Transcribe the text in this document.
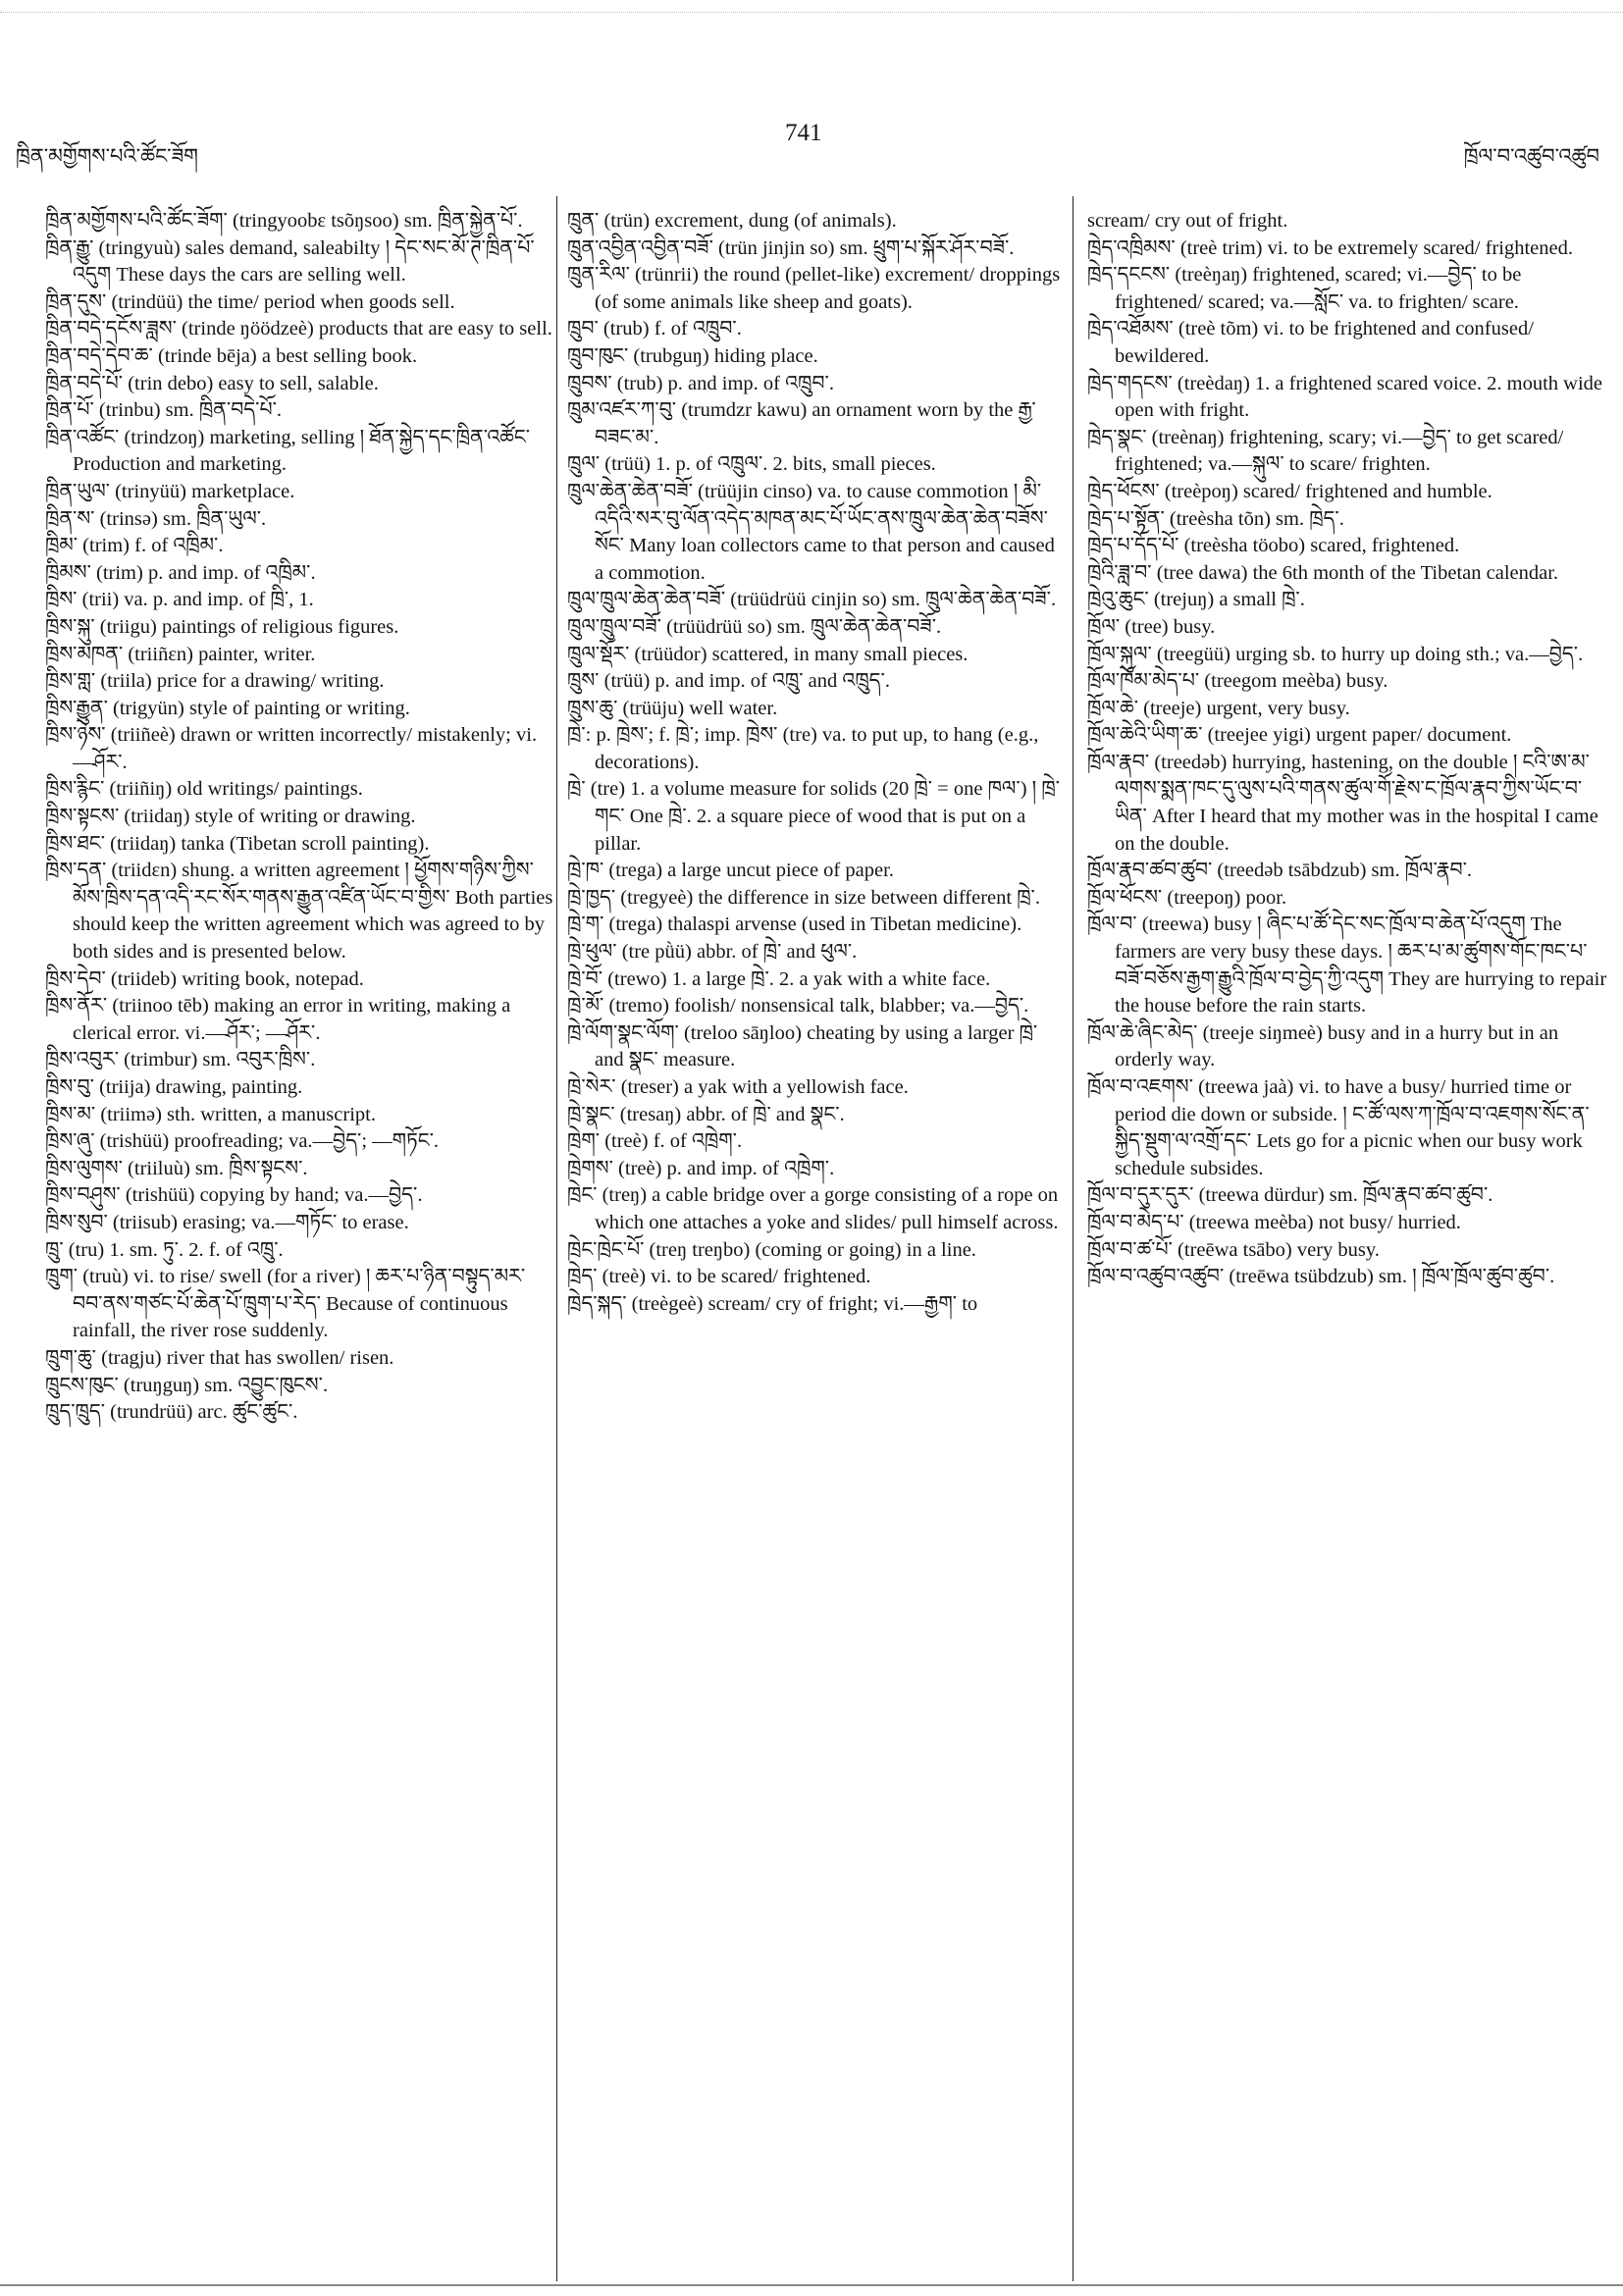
ཁྲིན་མགྱོགས་པའི་ཚོང་ཟོག
741
ཁྲོལ་བ་འཚུབ་འཚུབ

ཁྲིན་མགྱོགས་པའི་ཚོང་ཟོག་ (tringyoobɛ tsõŋsoo) sm. ཁྲིན་སྐྱེན་པོ་.

ཁྲིན་རྒྱུ་ (tringyuù) sales demand, saleabilty ། དེང་སང་མོ་ཊ་ཁྲིན་པོ་འདུག These days the cars are selling well.

ཁྲིན་དུས་ (trindüü) the time/ period when goods sell.

ཁྲིན་བདེ་དངོས་ཟླས་ (trinde ŋöödzeè) products that are easy to sell.

ཁྲིན་བདེ་དེབ་ཆ་ (trinde bēja) a best selling book.

ཁྲིན་བདེ་པོ་ (trin debo) easy to sell, salable.

ཁྲིན་པོ་ (trinbu) sm. ཁྲིན་བདེ་པོ་.

ཁྲིན་འཚོང་ (trindzoŋ) marketing, selling ། ཐོན་སྐྱེད་དང་ཁྲིན་འཚོང་ Production and marketing.

ཁྲིན་ཡུལ་ (trinyüü) marketplace.

ཁྲིན་ས་ (trinsə) sm. ཁྲིན་ཡུལ་.

ཁྲིམ་ (trim) f. of འཁྲིམ་.

ཁྲིམས་ (trim) p. and imp. of འཁྲིམ་.

ཁྲིས་ (trii) va. p. and imp. of ཁྲི་, 1.

ཁྲིས་སྐུ་ (triigu) paintings of religious figures.

ཁྲིས་མཁན་ (triiñɛn) painter, writer.

ཁྲིས་གླ་ (triila) price for a drawing/ writing.

ཁྲིས་རྒྱུན་ (trigyün) style of painting or writing.

ཁྲིས་ཉེས་ (triiñeè) drawn or written incorrectly/ mistakenly; vi.—ཤོར་.

ཁྲིས་རྙིང་ (triiñiŋ) old writings/ paintings.

ཁྲིས་སྟངས་ (triidaŋ) style of writing or drawing.

ཁྲིས་ཐང་ (triidaŋ) tanka (Tibetan scroll painting).

ཁྲིས་དན་ (triidɛn) shung. a written agreement ། ཕྱོགས་གཉིས་ཀྱིས་མོས་ཁྲིས་དན་འདི་རང་སོར་གནས་རྒྱུན་འཛིན་ཡོང་བ་གྱིས་ Both parties should keep the written agreement which was agreed to by both sides and is presented below.

ཁྲིས་དེབ་ (triideb) writing book, notepad.

ཁྲིས་ནོར་ (triinoo tēb) making an error in writing, making a clerical error. vi.—ཤོར་; —ཤོར་.

ཁྲིས་འབུར་ (trimbur) sm. འབུར་ཁྲིས་.

ཁྲིས་བུ་ (triija) drawing, painting.

ཁྲིས་མ་ (triimə) sth. written, a manuscript.

ཁྲིས་ཞུ་ (trishüü) proofreading; va.—བྱེད་; —གཏོང་.

ཁྲིས་ལུགས་ (triiluù) sm. ཁྲིས་སྟངས་.

ཁྲིས་བཤུས་ (trishüü) copying by hand; va.—བྱེད་.

ཁྲིས་སུབ་ (triisub) erasing; va.—གཏོང་ to erase.

ཁྲུ་ (tru) 1. sm. ཏུ་. 2. f. of འཁྲུ་.

ཁྲུག་ (truù) vi. to rise/ swell (for a river) ། ཆར་པ་ཉིན་བསྟུད་མར་བབ་ནས་གཙང་པོ་ཆེན་པོ་ཁྲུག་པ་རེད་ Because of continuous rainfall, the river rose suddenly.

ཁྲུག་ཆུ་ (tragju) river that has swollen/ risen.

ཁྲུངས་ཁུང་ (truŋguŋ) sm. འབྱུང་ཁུངས་.

ཁྲུད་ཁྲུད་ (trundrüü) arc. ཚུང་ཚུང་.

ཁྲུན་ (trün) excrement, dung (of animals).

ཁྲུན་འབྱིན་འབྱིན་བཟོ་ (trün jinjin so) sm. ཕྲུག་པ་སྐོར་ཤོར་བཟོ་.

ཁྲུན་རིལ་ (trünrii) the round (pellet-like) excrement/ droppings (of some animals like sheep and goats).

ཁྲུབ་ (trub) f. of འཁྲུབ་.

ཁྲུབ་ཁུང་ (trubguŋ) hiding place.

ཁྲུབས་ (trub) p. and imp. of འཁྲུབ་.

ཁྲུམ་འཛར་ཀ་བུ་ (trumdzr kawu) an ornament worn by the རྒྱ་བཟང་མ་.

ཁྲུལ་ (trüü) 1. p. of འཁྲུལ་. 2. bits, small pieces.

ཁྲུལ་ཆེན་ཆེན་བཟོ་ (trüüjin cinso) va. to cause commotion ། མི་འདིའི་སར་བུ་ལོན་འདེད་མཁན་མང་པོ་ཡོང་ནས་ཁྲུལ་ཆེན་ཆེན་བཟོས་སོང་ Many loan collectors came to that person and caused a commotion.

ཁྲུལ་ཁྲུལ་ཆེན་ཆེན་བཟོ་ (trüüdrüü cinjin so) sm. ཁྲུལ་ཆེན་ཆེན་བཟོ་.

ཁྲུལ་ཁྲུལ་བཟོ་ (trüüdrüü so) sm. ཁྲུལ་ཆེན་ཆེན་བཟོ་.

ཁྲུལ་སྡོར་ (trüüdor) scattered, in many small pieces.

ཁྲུས་ (trüü) p. and imp. of འཁྲུ་ and འཁྲུད་.

ཁྲུས་ཆུ་ (trüüju) well water.

ཁྲེ་: p. ཁྲེས་; f. ཁྲེ་; imp. ཁྲེས་ (tre) va. to put up, to hang (e.g., decorations).

ཁྲེ་ (tre) 1. a volume measure for solids (20 ཁྲེ་ = one ཁལ་) ། ཁྲེ་གང་ One ཁྲེ་. 2. a square piece of wood that is put on a pillar.

ཁྲེ་ཁ་ (trega) a large uncut piece of paper.

ཁྲེ་ཁྱད་ (tregyeè) the difference in size between different ཁྲེ་.

ཁྲེ་ག་ (trega) thalaspi arvense (used in Tibetan medicine).

ཁྲེ་ཕུལ་ (tre pǜü) abbr. of ཁྲེ་ and ཕུལ་.

ཁྲེ་བོ་ (trewo) 1. a large ཁྲེ་. 2. a yak with a white face.

ཁྲེ་མོ་ (tremo) foolish/ nonsensical talk, blabber; va.—བྱེད་.

ཁྲེ་ལོག་སྣང་ལོག་ (treloo sāŋloo) cheating by using a larger ཁྲེ་ and སྣང་ measure.

ཁྲེ་སེར་ (treser) a yak with a yellowish face.

ཁྲེ་སྣང་ (tresaŋ) abbr. of ཁྲེ་ and སྣང་.

ཁྲེག་ (treè) f. of འཁྲེག་.

ཁྲེགས་ (treè) p. and imp. of འཁྲེག་.

ཁྲེང་ (treŋ) a cable bridge over a gorge consisting of a rope on which one attaches a yoke and slides/ pull himself across.

ཁྲེང་ཁྲེང་པོ་ (treŋ treŋbo) (coming or going) in a line.

ཁྲེད་ (treè) vi. to be scared/ frightened.

ཁྲེད་སྐད་ (treègeè) scream/ cry of fright; vi.—རྒྱག་ to

scream/ cry out of fright.

ཁྲེད་འཁྲིམས་ (treè trim) vi. to be extremely scared/ frightened.

ཁྲེད་དངངས་ (treèŋaŋ) frightened, scared; vi.—བྱེད་ to be frightened/ scared; va.—སློང་ va. to frighten/ scare.

ཁྲེད་འཐོམས་ (treè tõm) vi. to be frightened and confused/ bewildered.

ཁྲེད་གདངས་ (treèdaŋ) 1. a frightened scared voice. 2. mouth wide open with fright.

ཁྲེད་སྣང་ (treènaŋ) frightening, scary; vi.—བྱེད་ to get scared/ frightened; va.—སྐུལ་ to scare/ frighten.

ཁྲེད་ཕོངས་ (treèpoŋ) scared/ frightened and humble.

ཁྲེད་པ་སྟོན་ (treèsha tõn) sm. ཁྲེད་.

ཁྲེད་པ་དོད་པོ་ (treèsha töobo) scared, frightened.

ཁྲེའི་ཟླ་བ་ (tree dawa) the 6th month of the Tibetan calendar.

ཁྲེའུ་ཆུང་ (trejuŋ) a small ཁྲེ་.

ཁྲོལ་ (tree) busy.

ཁྲོལ་སྐུལ་ (treegüü) urging sb. to hurry up doing sth.; va.—བྱེད་.

ཁྲོལ་ཁོམ་མེད་པ་ (treegom meèba) busy.

ཁྲོལ་ཆེ་ (treeje) urgent, very busy.

ཁྲོལ་ཆེའི་ཡིག་ཆ་ (treejee yigi) urgent paper/ document.

ཁྲོལ་རྣབ་ (treedəb) hurrying, hastening, on the double ། ངའི་ཨ་མ་ལགས་སྨན་ཁང་དུ་ལུས་པའི་གནས་ཚུལ་གོ་རྗེས་ང་ཁྲོལ་རྣབ་ཀྱིས་ཡོང་བ་ཡིན་ After I heard that my mother was in the hospital I came on the double.

ཁྲོལ་རྣབ་ཚབ་ཚུབ་ (treedəb tsābdzub) sm. ཁྲོལ་རྣབ་.

ཁྲོལ་ཕོངས་ (treepoŋ) poor.

ཁྲོལ་བ་ (treewa) busy ། ཞིང་པ་ཚོ་དེང་སང་ཁྲོལ་བ་ཆེན་པོ་འདུག The farmers are very busy these days. ། ཆར་པ་མ་ཚུགས་གོང་ཁང་པ་བཟོ་བཅོས་རྒྱག་རྒྱུའི་ཁྲོལ་བ་བྱེད་ཀྱི་འདུག They are hurrying to repair the house before the rain starts.

ཁྲོལ་ཆེ་ཞིང་མེད་ (treeje siŋmeè) busy and in a hurry but in an orderly way.

ཁྲོལ་བ་འཇགས་ (treewa jaà) vi. to have a busy/ hurried time or period die down or subside. ། ང་ཚོ་ལས་ཀ་ཁྲོལ་བ་འཇགས་སོང་ན་སྐྱིད་སྡུག་ལ་འགྲོ་དང་ Lets go for a picnic when our busy work schedule subsides.

ཁྲོལ་བ་དུར་དུར་ (treewa dürdur) sm. ཁྲོལ་རྣབ་ཚབ་ཚུབ་.

ཁྲོལ་བ་མེད་པ་ (treewa meèba) not busy/ hurried.

ཁྲོལ་བ་ཚ་པོ་ (treēwa tsābo) very busy.

ཁྲོལ་བ་འཚུབ་འཚུབ་ (treēwa tsübdzub) sm. ། ཁྲོལ་ཁྲོལ་ཚུབ་ཚུབ་.
